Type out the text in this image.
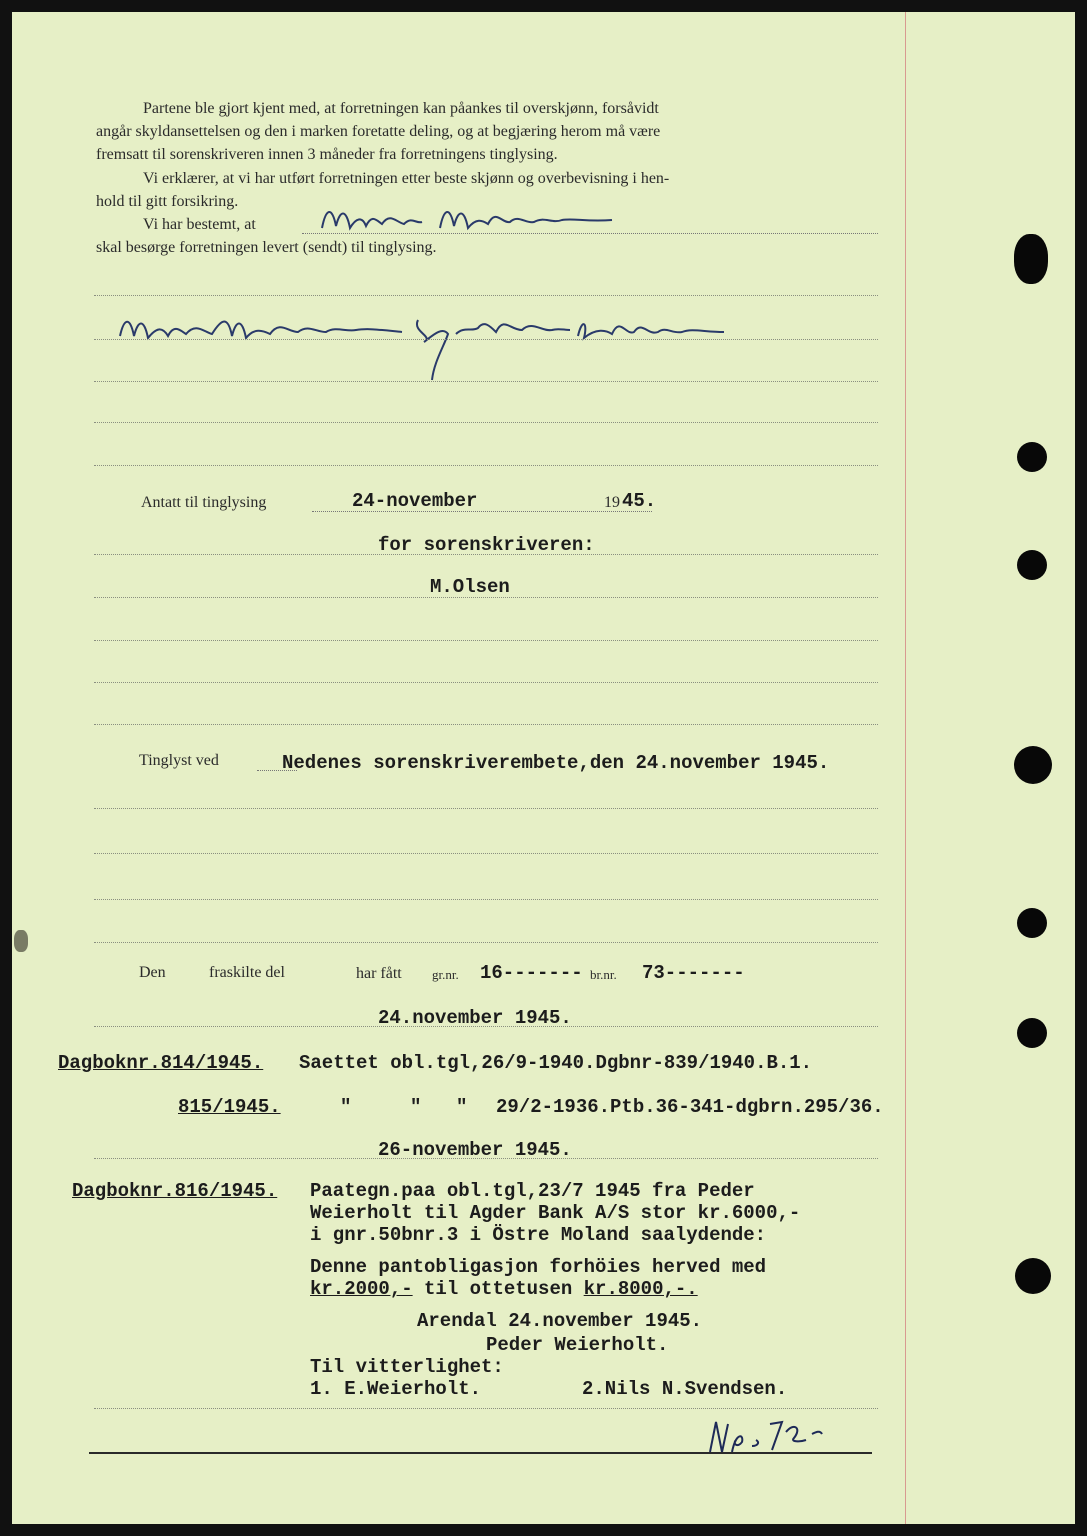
Partene ble gjort kjent med, at forretningen kan påankes til overskjønn, forsåvidt
angår skyldansettelsen og den i marken foretatte deling, og at begjæring herom må være
fremsatt til sorenskriveren innen 3 måneder fra forretningens tinglysing.
Vi erklærer, at vi har utført forretningen etter beste skjønn og overbevisning i hen-
hold til gitt forsikring.
Vi har bestemt, at
skal besørge forretningen levert (sendt) til tinglysing.
Antatt til tinglysing	24-november	19 45.
for sorenskriveren:
M.Olsen
Tinglyst ved	Nedenes sorenskriverembete,den 24.november 1945.
Den	fraskilte del	har fått gr.nr. 16------- br.nr. 73-------
24.november 1945.
Dagboknr.814/1945. Saettet obl.tgl,26/9-1940.Dgbnr-839/1940.B.1.
815/1945.	"	" " 29/2-1936.Ptb.36-341-dgbrn.295/36.
26-november 1945.
Dagboknr.816/1945. Paategn.paa obl.tgl,23/7 1945 fra Peder
Weierholt til Agder Bank A/S stor kr.6000,-
i gnr.50bnr.3 i Östre Moland saalydende:
Denne pantobligasjon forhöies herved med
kr.2000,- til ottetusen kr.8000,-.
Arendal 24.november 1945.
Peder Weierholt.
Til vitterlighet:
1. E.Weierholt.	2.Nils N.Svendsen.
